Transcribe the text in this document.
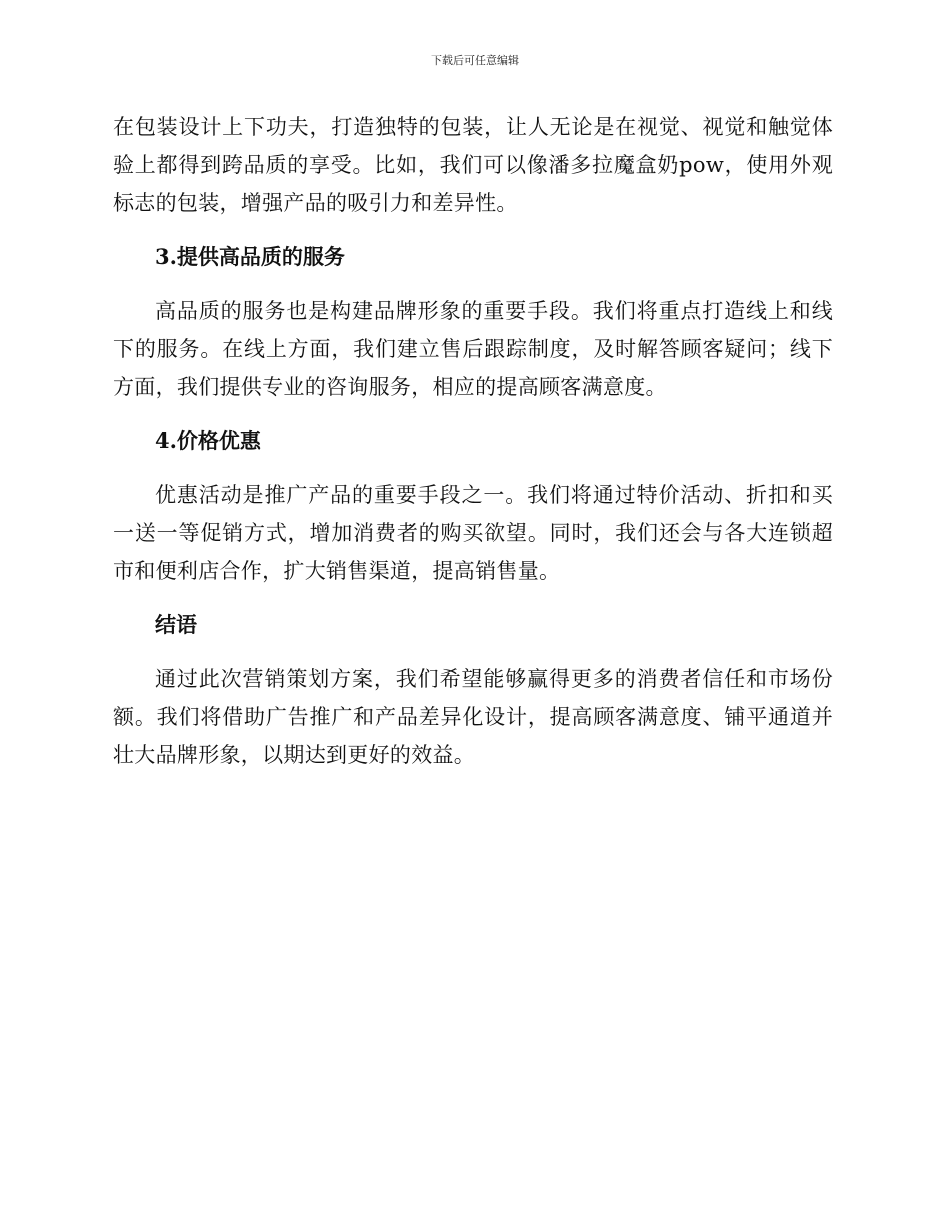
下载后可任意编辑

在包装设计上下功夫，打造独特的包装，让人无论是在视觉、视觉和触觉体验上都得到跨品质的享受。比如，我们可以像潘多拉魔盒奶pow，使用外观标志的包装，增强产品的吸引力和差异性。

3.提供高品质的服务

高品质的服务也是构建品牌形象的重要手段。我们将重点打造线上和线下的服务。在线上方面，我们建立售后跟踪制度，及时解答顾客疑问；线下方面，我们提供专业的咨询服务，相应的提高顾客满意度。

4.价格优惠

优惠活动是推广产品的重要手段之一。我们将通过特价活动、折扣和买一送一等促销方式，增加消费者的购买欲望。同时，我们还会与各大连锁超市和便利店合作，扩大销售渠道，提高销售量。

结语

通过此次营销策划方案，我们希望能够赢得更多的消费者信任和市场份额。我们将借助广告推广和产品差异化设计，提高顾客满意度、铺平通道并壮大品牌形象，以期达到更好的效益。
